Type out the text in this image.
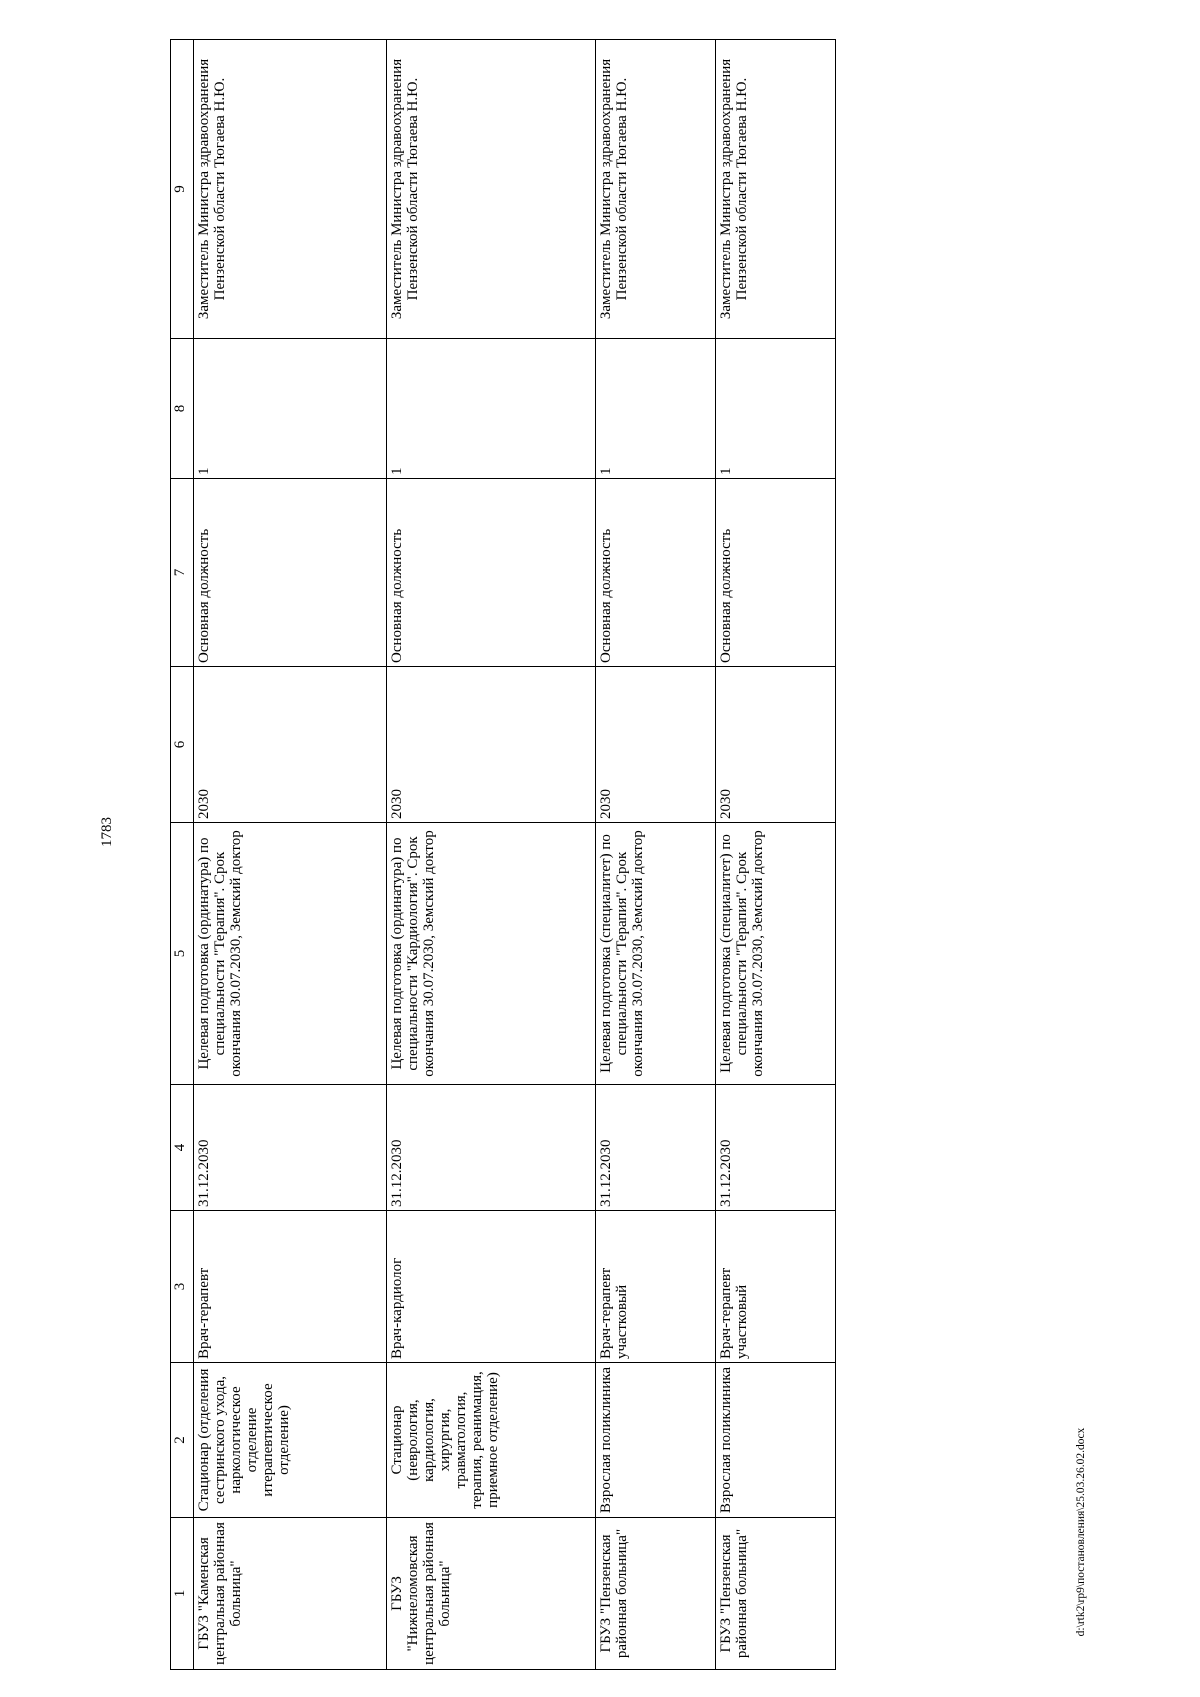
1783
1	2	3	4	5	6	7	8	9
ГБУЗ "Каменская центральная районная больница"	Стационар (отделения сестринского ухода, наркологическое отделение итерапевтическое отделение)	Врач-терапевт	31.12.2030	Целевая подготовка (ординатура) по специальности "Терапия". Срок окончания 30.07.2030, Земский доктор	2030	Основная должность	1	Заместитель Министра здравоохранения Пензенской области Тюгаева Н.Ю.
ГБУЗ "Нижнеломовская центральная районная больница"	Стационар (неврология, кардиология, хирургия, травматология, терапия, реанимация, приемное отделение)	Врач-кардиолог	31.12.2030	Целевая подготовка (ординатура) по специальности "Кардиология". Срок окончания 30.07.2030, Земский доктор	2030	Основная должность	1	Заместитель Министра здравоохранения Пензенской области Тюгаева Н.Ю.
ГБУЗ "Пензенская районная больница"	Взрослая поликлиника	Врач-терапевт участковый	31.12.2030	Целевая подготовка (специалитет) по специальности "Терапия". Срок окончания 30.07.2030, Земский доктор	2030	Основная должность	1	Заместитель Министра здравоохранения Пензенской области Тюгаева Н.Ю.
ГБУЗ "Пензенская районная больница"	Взрослая поликлиника	Врач-терапевт участковый	31.12.2030	Целевая подготовка (специалитет) по специальности "Терапия". Срок окончания 30.07.2030, Земский доктор	2030	Основная должность	1	Заместитель Министра здравоохранения Пензенской области Тюгаева Н.Ю.
d:\rtk2\rp9\постановления\25.03.26.02.docx
